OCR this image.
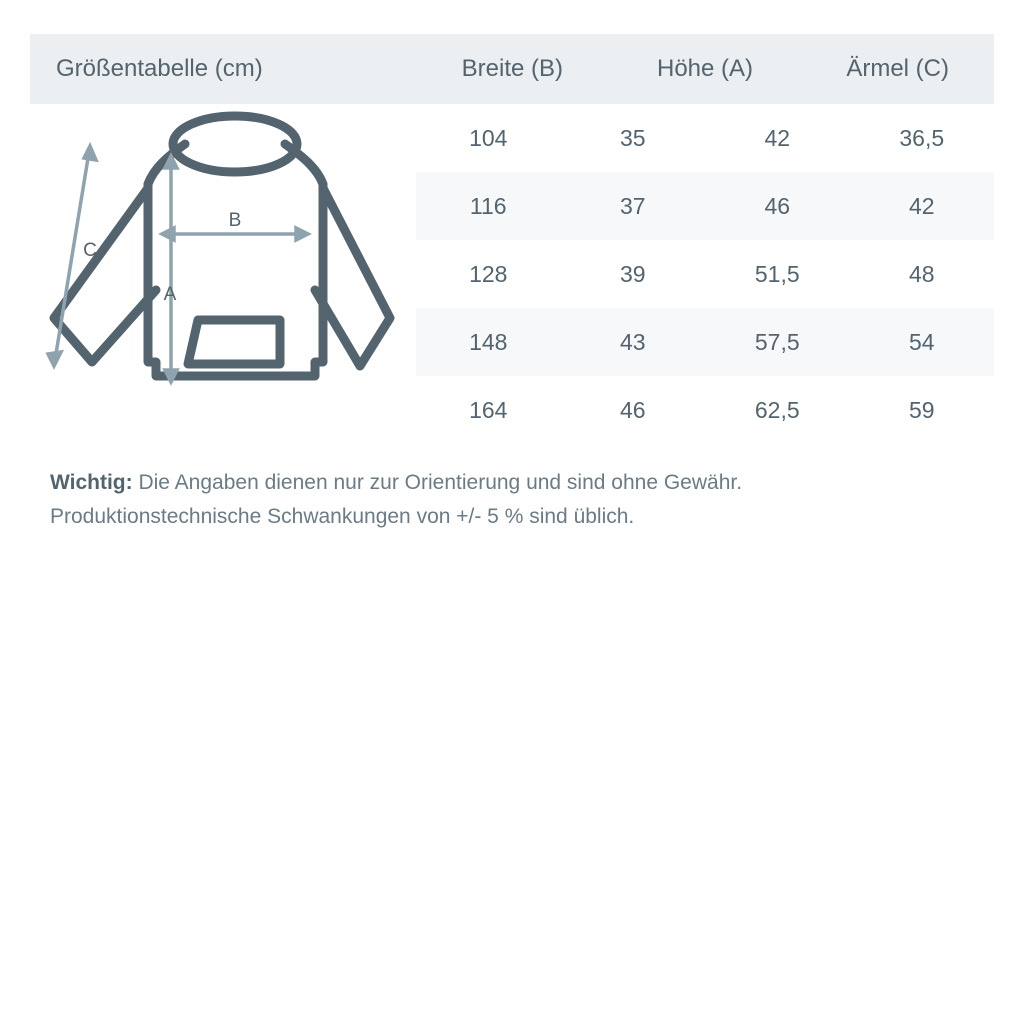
Größentabelle (cm)	Breite (B)	Höhe (A)	Ärmel (C)
C
B
A
104	35	42	36,5
116	37	46	42
128	39	51,5	48
148	43	57,5	54
164	46	62,5	59
Wichtig: Die Angaben dienen nur zur Orientierung und sind ohne Gewähr.
Produktionstechnische Schwankungen von +/- 5 % sind üblich.
